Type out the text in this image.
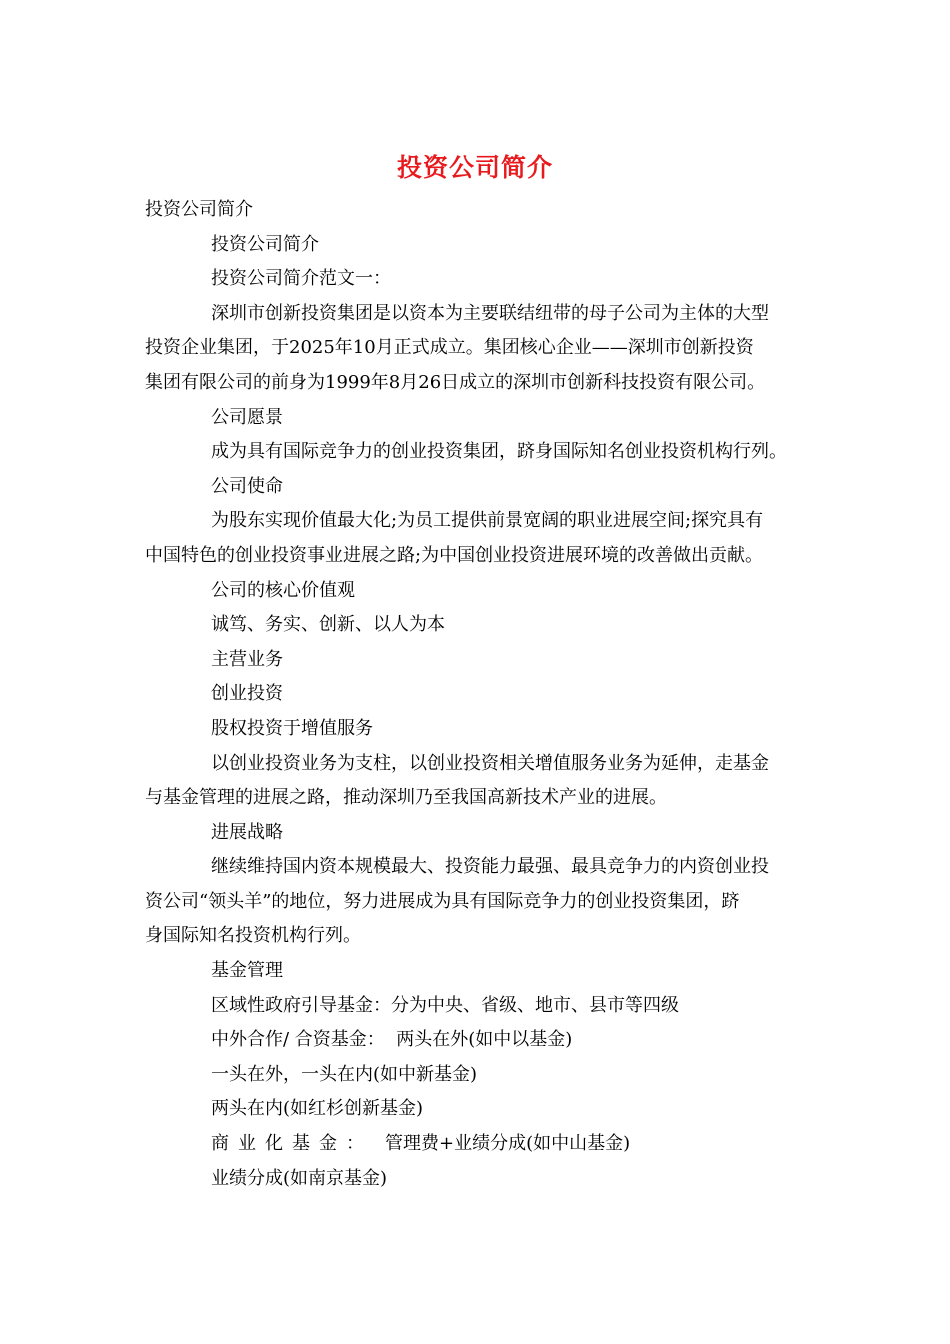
投资公司简介
投资公司简介
投资公司简介
投资公司简介范文一：
深圳市创新投资集团是以资本为主要联结纽带的母子公司为主体的大型
投资企业集团，于2025年10月正式成立。集团核心企业——深圳市创新投资
集团有限公司的前身为1999年8月26日成立的深圳市创新科技投资有限公司。
公司愿景
成为具有国际竞争力的创业投资集团，跻身国际知名创业投资机构行列。
公司使命
为股东实现价值最大化;为员工提供前景宽阔的职业进展空间;探究具有
中国特色的创业投资事业进展之路;为中国创业投资进展环境的改善做出贡献。
公司的核心价值观
诚笃、务实、创新、以人为本
主营业务
创业投资
股权投资于增值服务
以创业投资业务为支柱，以创业投资相关增值服务业务为延伸，走基金
与基金管理的进展之路，推动深圳乃至我国高新技术产业的进展。
进展战略
继续维持国内资本规模最大、投资能力最强、最具竞争力的内资创业投
资公司“领头羊”的地位，努力进展成为具有国际竞争力的创业投资集团，跻
身国际知名投资机构行列。
基金管理
区域性政府引导基金：分为中央、省级、地市、县市等四级
中外合作/ 合资基金：  两头在外(如中以基金)
一头在外，一头在内(如中新基金)
两头在内(如红杉创新基金)
商业化基金： 管理费+业绩分成(如中山基金)
业绩分成(如南京基金)
